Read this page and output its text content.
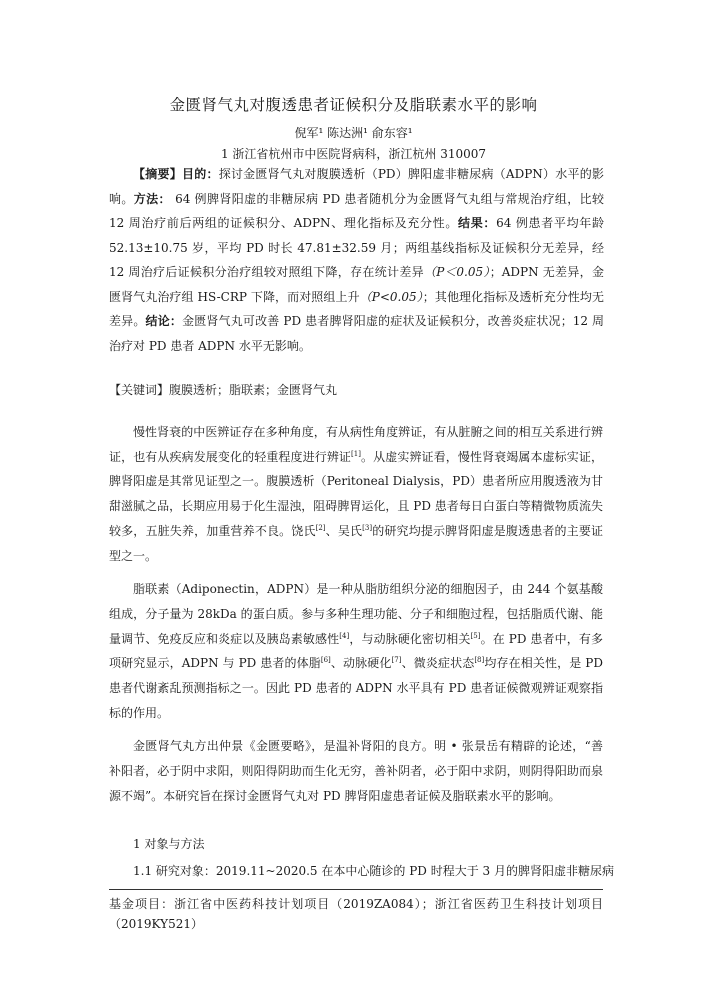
金匮肾气丸对腹透患者证候积分及脂联素水平的影响
倪军¹ 陈达洲¹ 俞东容¹
1 浙江省杭州市中医院肾病科，浙江杭州 310007

【摘要】目的：探讨金匮肾气丸对腹膜透析（PD）脾阳虚非糖尿病（ADPN）水平的影响。方法： 64 例脾肾阳虚的非糖尿病 PD 患者随机分为金匮肾气丸组与常规治疗组，比较 12 周治疗前后两组的证候积分、ADPN、理化指标及充分性。结果：64 例患者平均年龄 52.13±10.75 岁，平均 PD 时长 47.81±32.59 月；两组基线指标及证候积分无差异，经 12 周治疗后证候积分治疗组较对照组下降，存在统计差异（P＜0.05）；ADPN 无差异，金匮肾气丸治疗组 HS-CRP 下降，而对照组上升（P<0.05）；其他理化指标及透析充分性均无差异。结论：金匮肾气丸可改善 PD 患者脾肾阳虚的症状及证候积分，改善炎症状况；12 周治疗对 PD 患者 ADPN 水平无影响。

【关键词】腹膜透析；脂联素；金匮肾气丸

慢性肾衰的中医辨证存在多种角度，有从病性角度辨证，有从脏腑之间的相互关系进行辨证，也有从疾病发展变化的轻重程度进行辨证[1]。从虚实辨证看，慢性肾衰竭属本虚标实证，脾肾阳虚是其常见证型之一。腹膜透析（Peritoneal Dialysis，PD）患者所应用腹透液为甘甜滋腻之品，长期应用易于化生湿浊，阻碍脾胃运化，且 PD 患者每日白蛋白等精微物质流失较多，五脏失养，加重营养不良。饶氏[2]、吴氏[3]的研究均提示脾肾阳虚是腹透患者的主要证型之一。

脂联素（Adiponectin，ADPN）是一种从脂肪组织分泌的细胞因子，由 244 个氨基酸组成，分子量为 28kDa 的蛋白质。参与多种生理功能、分子和细胞过程，包括脂质代谢、能量调节、免疫反应和炎症以及胰岛素敏感性[4]，与动脉硬化密切相关[5]。在 PD 患者中，有多项研究显示，ADPN 与 PD 患者的体脂[6]、动脉硬化[7]、微炎症状态[8]均存在相关性，是 PD 患者代谢紊乱预测指标之一。因此 PD 患者的 ADPN 水平具有 PD 患者证候微观辨证观察指标的作用。

金匮肾气丸方出仲景《金匮要略》，是温补肾阳的良方。明 • 张景岳有精辟的论述，“善补阳者，必于阴中求阳，则阳得阴助而生化无穷，善补阴者，必于阳中求阴，则阴得阳助而泉源不竭”。本研究旨在探讨金匮肾气丸对 PD 脾肾阳虚患者证候及脂联素水平的影响。

1 对象与方法
1.1 研究对象：2019.11~2020.5 在本中心随诊的 PD 时程大于 3 月的脾肾阳虚非糖尿病
基金项目：浙江省中医药科技计划项目（2019ZA084）；浙江省医药卫生科技计划项目（2019KY521）
